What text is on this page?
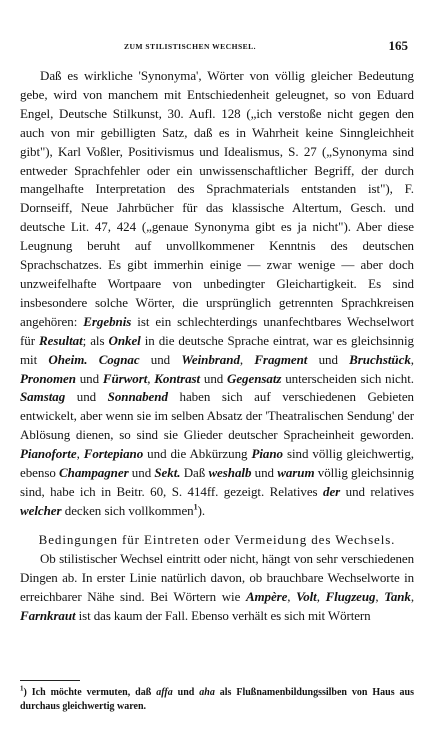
ZUM STILISTISCHEN WECHSEL.	165

Daß es wirkliche 'Synonyma', Wörter von völlig gleicher Bedeutung gebe, wird von manchem mit Entschiedenheit geleugnet, so von Eduard Engel, Deutsche Stilkunst, 30. Aufl. 128 („ich verstoße nicht gegen den auch von mir gebilligten Satz, daß es in Wahrheit keine Sinngleichheit gibt"), Karl Voßler, Positivismus und Idealismus, S. 27 („Synonyma sind entweder Sprachfehler oder ein unwissenschaftlicher Begriff, der durch mangelhafte Interpretation des Sprachmaterials entstanden ist"), F. Dornseiff, Neue Jahrbücher für das klassische Altertum, Gesch. und deutsche Lit. 47, 424 („genaue Synonyma gibt es ja nicht"). Aber diese Leugnung beruht auf unvollkommener Kenntnis des deutschen Sprachschatzes. Es gibt immerhin einige — zwar wenige — aber doch unzweifelhafte Wortpaare von unbedingter Gleichartigkeit. Es sind insbesondere solche Wörter, die ursprünglich getrennten Sprachkreisen angehören: Ergebnis ist ein schlechterdings unanfechtbares Wechselwort für Resultat; als Onkel in die deutsche Sprache eintrat, war es gleichsinnig mit Oheim. Cognac und Weinbrand, Fragment und Bruchstück, Pronomen und Fürwort, Kontrast und Gegensatz unterscheiden sich nicht. Samstag und Sonnabend haben sich auf verschiedenen Gebieten entwickelt, aber wenn sie im selben Absatz der 'Theatralischen Sendung' der Ablösung dienen, so sind sie Glieder deutscher Spracheinheit geworden. Pianoforte, Fortepiano und die Abkürzung Piano sind völlig gleichwertig, ebenso Champagner und Sekt. Daß weshalb und warum völlig gleichsinnig sind, habe ich in Beitr. 60, S. 414ff. gezeigt. Relatives der und relatives welcher decken sich vollkommen$^1$).

Bedingungen für Eintreten oder Vermeidung des Wechsels.

Ob stilistischer Wechsel eintritt oder nicht, hängt von sehr verschiedenen Dingen ab. In erster Linie natürlich davon, ob brauchbare Wechselworte in erreichbarer Nähe sind. Bei Wörtern wie Ampère, Volt, Flugzeug, Tank, Farnkraut ist das kaum der Fall. Ebenso verhält es sich mit Wörtern

$^1$) Ich möchte vermuten, daß affa und aha als Flußnamenbildungssilben von Haus aus durchaus gleichwertig waren.
